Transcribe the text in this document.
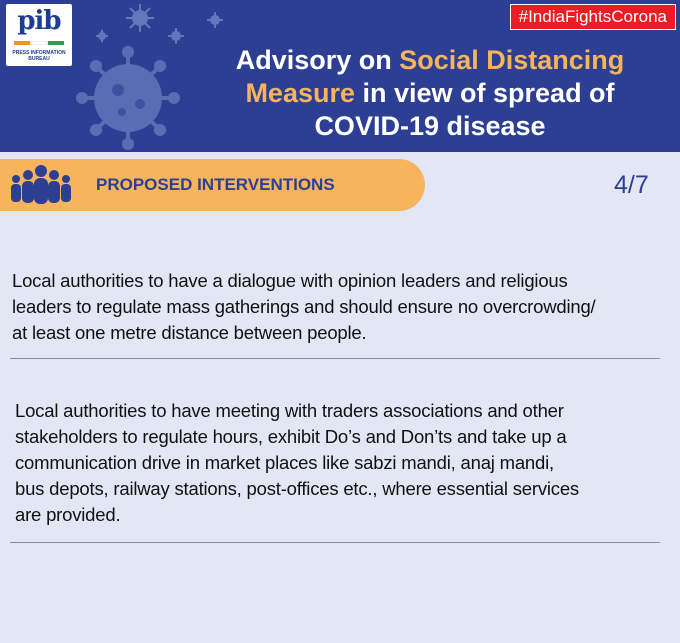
pib
PRESS INFORMATION BUREAU
#IndiaFightsCorona
Advisory on Social Distancing
Measure in view of spread of
COVID-19 disease
PROPOSED INTERVENTIONS	4/7
Local authorities to have a dialogue with opinion leaders and religious
leaders to regulate mass gatherings and should ensure no overcrowding/
at least one metre distance between people.
Local authorities to have meeting with traders associations and other
stakeholders to regulate hours, exhibit Do’s and Don’ts and take up a
communication drive in market places like sabzi mandi, anaj mandi,
bus depots, railway stations, post-offices etc., where essential services
are provided.
